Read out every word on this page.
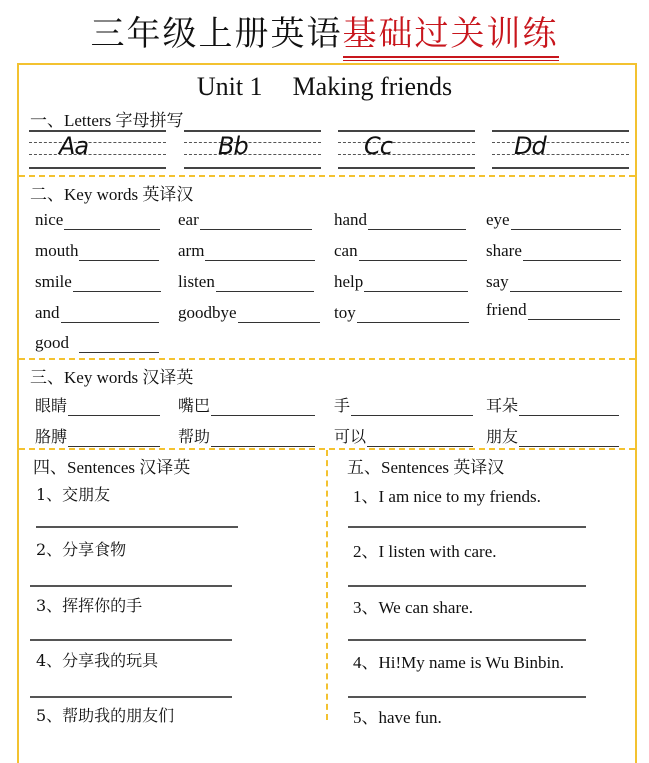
三年级上册英语基础过关训练
Unit 1 Making friends
一、Letters 字母拼写
Aa	Bb	Cc	Dd
二、Key words 英译汉
nice	ear	hand	eye
mouth	arm	can	share
smile	listen	help	say
and	goodbye	toy	friend
good
三、Key words 汉译英
眼睛	嘴巴	手	耳朵
胳膊	帮助	可以	朋友
四、Sentences 汉译英
1、交朋友
2、分享食物
3、挥挥你的手
4、分享我的玩具
5、帮助我的朋友们
五、Sentences 英译汉
1、I am nice to my friends.
2、I listen with care.
3、We can share.
4、Hi!My name is Wu Binbin.
5、have fun.
